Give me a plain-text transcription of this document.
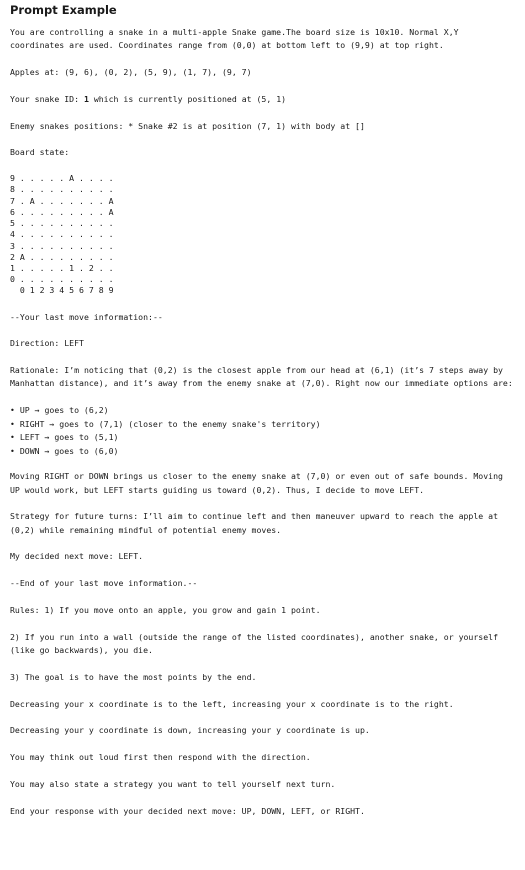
Prompt Example
You are controlling a snake in a multi-apple Snake game.The board size is 10x10. Normal X,Y coordinates are used. Coordinates range from (0,0) at bottom left to (9,9) at top right.
Apples at: (9, 6), (0, 2), (5, 9), (1, 7), (9, 7)
Your snake ID: 1 which is currently positioned at (5, 1)
Enemy snakes positions: * Snake #2 is at position (7, 1) with body at []
Board state:
9 . . . . . A . . . .
8 . . . . . . . . . .
7 . A . . . . . . . A
6 . . . . . . . . . A
5 . . . . . . . . . .
4 . . . . . . . . . .
3 . . . . . . . . . .
2 A . . . . . . . . .
1 . . . . . 1 . 2 . .
0 . . . . . . . . . .
0 1 2 3 4 5 6 7 8 9
--Your last move information:--
Direction: LEFT
Rationale: I’m noticing that (0,2) is the closest apple from our head at (6,1) (it’s 7 steps away by Manhattan distance), and it’s away from the enemy snake at (7,0). Right now our immediate options are:
• UP → goes to (6,2)
• RIGHT → goes to (7,1) (closer to the enemy snake's territory)
• LEFT → goes to (5,1)
• DOWN → goes to (6,0)
Moving RIGHT or DOWN brings us closer to the enemy snake at (7,0) or even out of safe bounds. Moving UP would work, but LEFT starts guiding us toward (0,2). Thus, I decide to move LEFT.
Strategy for future turns: I’ll aim to continue left and then maneuver upward to reach the apple at (0,2) while remaining mindful of potential enemy moves.
My decided next move: LEFT.
--End of your last move information.--
Rules: 1) If you move onto an apple, you grow and gain 1 point.
2) If you run into a wall (outside the range of the listed coordinates), another snake, or yourself (like go backwards), you die.
3) The goal is to have the most points by the end.
Decreasing your x coordinate is to the left, increasing your x coordinate is to the right.
Decreasing your y coordinate is down, increasing your y coordinate is up.
You may think out loud first then respond with the direction.
You may also state a strategy you want to tell yourself next turn.
End your response with your decided next move: UP, DOWN, LEFT, or RIGHT.
